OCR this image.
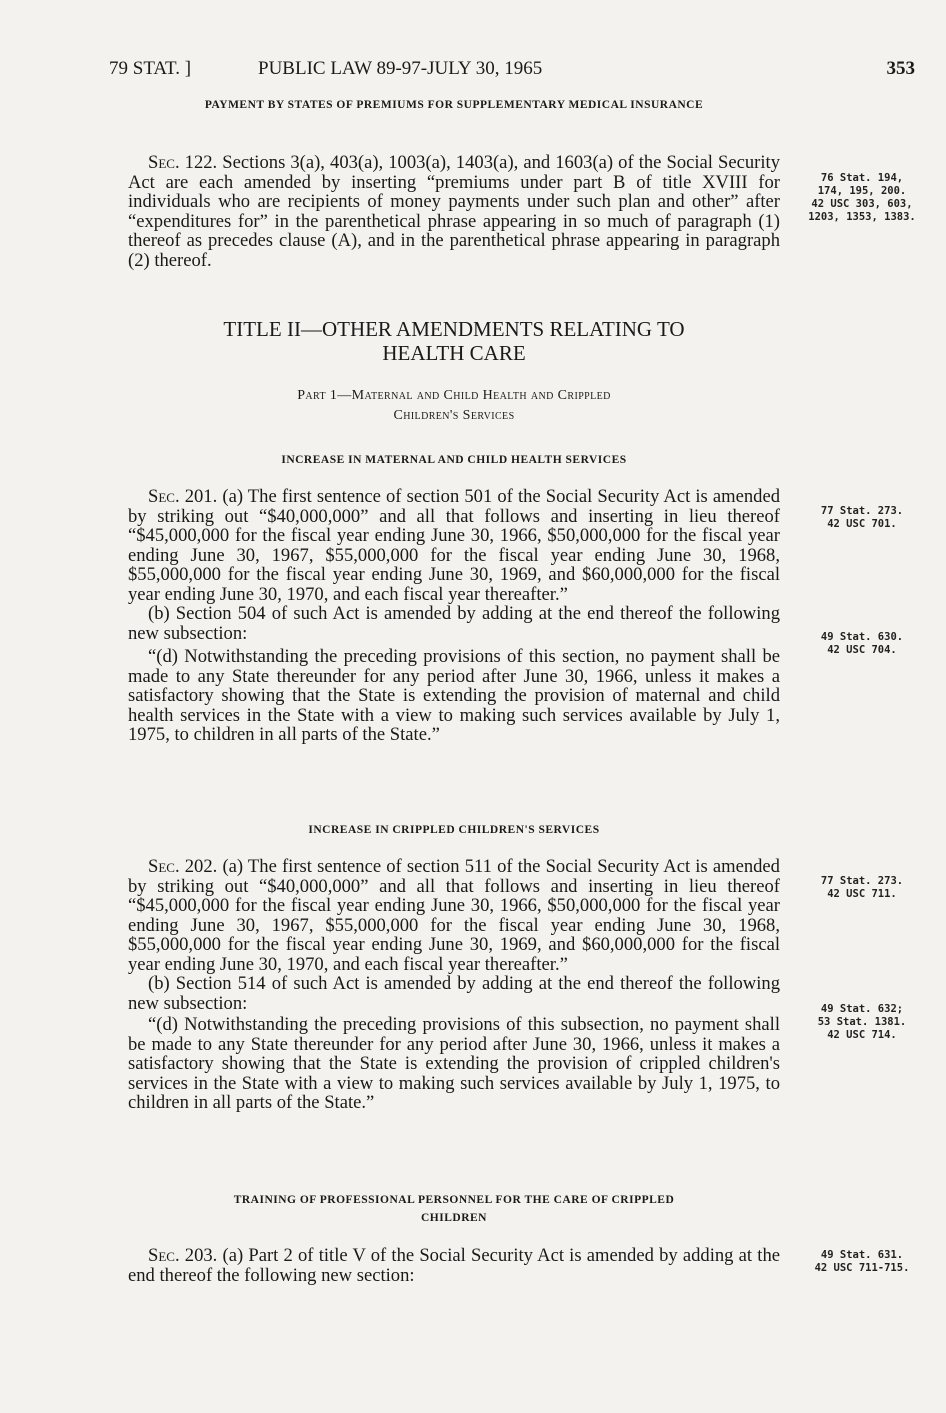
79 STAT. ]	PUBLIC LAW 89-97-JULY 30, 1965	353

PAYMENT BY STATES OF PREMIUMS FOR SUPPLEMENTARY MEDICAL INSURANCE

Sec. 122. Sections 3(a), 403(a), 1003(a), 1403(a), and 1603(a) of the Social Security Act are each amended by inserting “premiums under part B of title XVIII for individuals who are recipients of money payments under such plan and other” after “expenditures for” in the parenthetical phrase appearing in so much of paragraph (1) thereof as precedes clause (A), and in the parenthetical phrase appearing in paragraph (2) thereof.

76 Stat. 194,
174, 195, 200.
42 USC 303, 603,
1203, 1353, 1383.

TITLE II—OTHER AMENDMENTS RELATING TO

HEALTH CARE

Part 1—Maternal and Child Health and Crippled

Children's Services

INCREASE IN MATERNAL AND CHILD HEALTH SERVICES

Sec. 201. (a) The first sentence of section 501 of the Social Security Act is amended by striking out “$40,000,000” and all that follows and inserting in lieu thereof “$45,000,000 for the fiscal year ending June 30, 1966, $50,000,000 for the fiscal year ending June 30, 1967, $55,000,000 for the fiscal year ending June 30, 1968, $55,000,000 for the fiscal year ending June 30, 1969, and $60,000,000 for the fiscal year ending June 30, 1970, and each fiscal year thereafter.”

(b) Section 504 of such Act is amended by adding at the end thereof the following new subsection:

“(d) Notwithstanding the preceding provisions of this section, no payment shall be made to any State thereunder for any period after June 30, 1966, unless it makes a satisfactory showing that the State is extending the provision of maternal and child health services in the State with a view to making such services available by July 1, 1975, to children in all parts of the State.”

77 Stat. 273.
42 USC 701.
49 Stat. 630.
42 USC 704.

INCREASE IN CRIPPLED CHILDREN'S SERVICES

Sec. 202. (a) The first sentence of section 511 of the Social Security Act is amended by striking out “$40,000,000” and all that follows and inserting in lieu thereof “$45,000,000 for the fiscal year ending June 30, 1966, $50,000,000 for the fiscal year ending June 30, 1967, $55,000,000 for the fiscal year ending June 30, 1968, $55,000,000 for the fiscal year ending June 30, 1969, and $60,000,000 for the fiscal year ending June 30, 1970, and each fiscal year thereafter.”

(b) Section 514 of such Act is amended by adding at the end thereof the following new subsection:

“(d) Notwithstanding the preceding provisions of this subsection, no payment shall be made to any State thereunder for any period after June 30, 1966, unless it makes a satisfactory showing that the State is extending the provision of crippled children's services in the State with a view to making such services available by July 1, 1975, to children in all parts of the State.”

77 Stat. 273.
42 USC 711.
49 Stat. 632;
53 Stat. 1381.
42 USC 714.

TRAINING OF PROFESSIONAL PERSONNEL FOR THE CARE OF CRIPPLED

CHILDREN

Sec. 203. (a) Part 2 of title V of the Social Security Act is amended by adding at the end thereof the following new section:

49 Stat. 631.
42 USC 711-715.
